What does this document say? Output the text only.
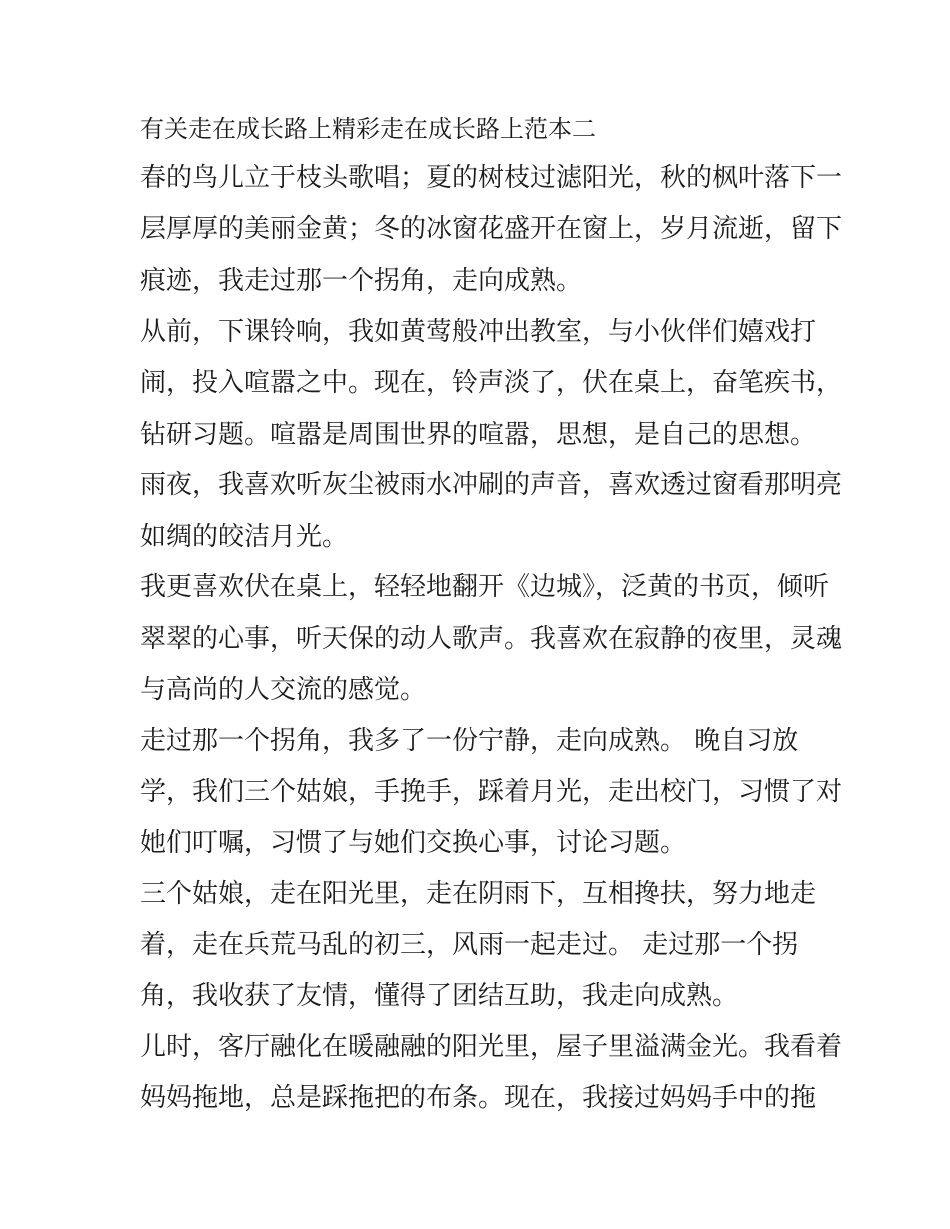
有关走在成长路上精彩走在成长路上范本二
春的鸟儿立于枝头歌唱；夏的树枝过滤阳光，秋的枫叶落下一
层厚厚的美丽金黄；冬的冰窗花盛开在窗上，岁月流逝，留下
痕迹，我走过那一个拐角，走向成熟。
从前，下课铃响，我如黄莺般冲出教室，与小伙伴们嬉戏打
闹，投入喧嚣之中。现在，铃声淡了，伏在桌上，奋笔疾书，
钻研习题。喧嚣是周围世界的喧嚣，思想，是自己的思想。
雨夜，我喜欢听灰尘被雨水冲刷的声音，喜欢透过窗看那明亮
如绸的皎洁月光。
我更喜欢伏在桌上，轻轻地翻开《边城》，泛黄的书页，倾听
翠翠的心事，听天保的动人歌声。我喜欢在寂静的夜里，灵魂
与高尚的人交流的感觉。
走过那一个拐角，我多了一份宁静，走向成熟。 晚自习放
学，我们三个姑娘，手挽手，踩着月光，走出校门，习惯了对
她们叮嘱，习惯了与她们交换心事，讨论习题。
三个姑娘，走在阳光里，走在阴雨下，互相搀扶，努力地走
着，走在兵荒马乱的初三，风雨一起走过。 走过那一个拐
角，我收获了友情，懂得了团结互助，我走向成熟。
儿时，客厅融化在暖融融的阳光里，屋子里溢满金光。我看着
妈妈拖地，总是踩拖把的布条。现在，我接过妈妈手中的拖
